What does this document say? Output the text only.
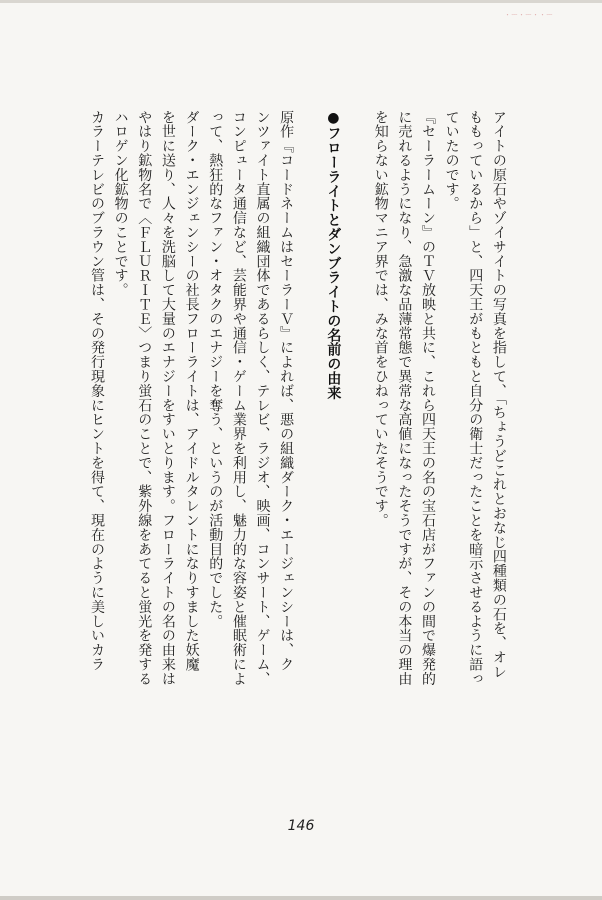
・ー・ー・・ー
アイトの原石やゾイサイトの写真を指して、「ちょうどこれとおなじ四種類の石を、オレ
ももっているから」と、四天王がもともと自分の衛士だったことを暗示させるように語っ
ていたのです。
『セーラームーン』のＴＶ放映と共に、これら四天王の名の宝石店がファンの間で爆発的
に売れるようになり、急激な品薄常態で異常な高値になったそうですが、その本当の理由
を知らない鉱物マニア界では、みな首をひねっていたそうです。
●フローライトとダンブライトの名前の由来
原作『コードネームはセーラーＶ』によれば、悪の組織ダーク・エージェンシーは、ク
ンツァイト直属の組織団体であるらしく、テレビ、ラジオ、映画、コンサート、ゲーム、
コンピュータ通信など、芸能界や通信・ゲーム業界を利用し、魅力的な容姿と催眠術によ
って、熱狂的なファン・オタクのエナジーを奪う、というのが活動目的でした。
ダーク・エンジェンシーの社長フローライトは、アイドルタレントになりすました妖魔
を世に送り、人々を洗脳して大量のエナジーをすいとります。フローライトの名の由来は
やはり鉱物名で〈ＦＬＵＲＩＴＥ〉つまり蛍石のことで、紫外線をあてると蛍光を発する
ハロゲン化鉱物のことです。
カラーテレビのブラウン管は、その発行現象にヒントを得て、現在のように美しいカラ
146
